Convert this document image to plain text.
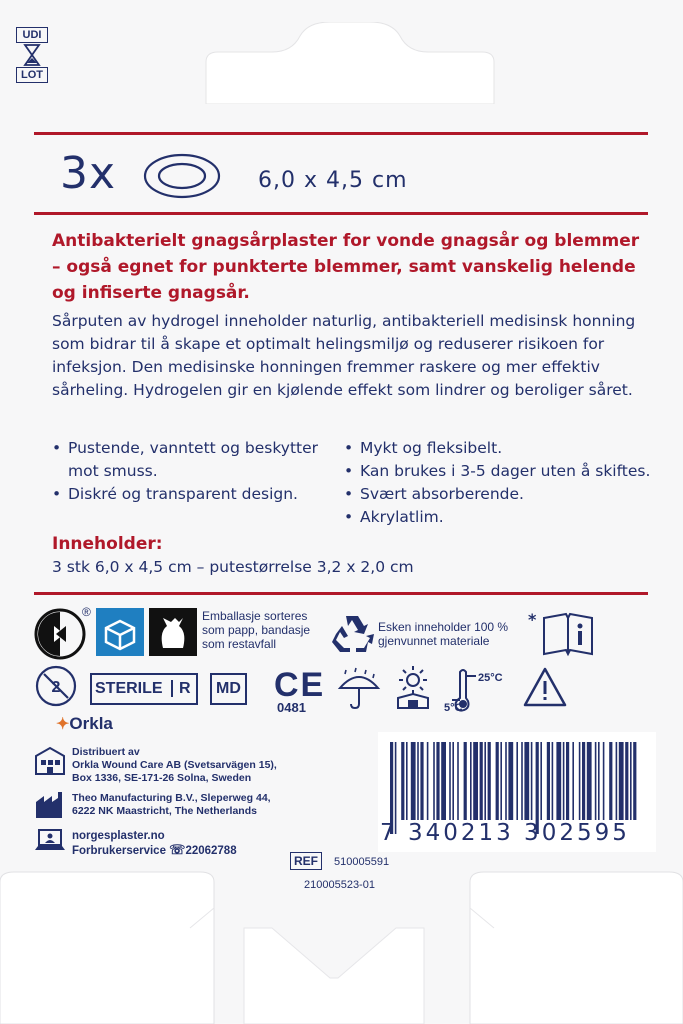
UDI
LOT
3x	6,0 x 4,5 cm
Antibakterielt gnagsårplaster for vonde gnagsår og blemmer – også egnet for punkterte blemmer, samt vanskelig helende og infiserte gnagsår.
Sårputen av hydrogel inneholder naturlig, antibakteriell medisinsk honning som bidrar til å skape et optimalt helingsmiljø og reduserer risikoen for infeksjon. Den medisinske honningen fremmer raskere og mer effektiv sårheling. Hydrogelen gir en kjølende effekt som lindrer og beroliger såret.
• Pustende, vanntett og beskytter mot smuss.
• Diskré og transparent design.
• Mykt og fleksibelt.
• Kan brukes i 3-5 dager uten å skiftes.
• Svært absorberende.
• Akrylatlim.
Inneholder:
3 stk 6,0 x 4,5 cm – putestørrelse 3,2 x 2,0 cm
®	Emballasje sorteres
som papp, bandasje
som restavfall
Esken inneholder 100 %
gjenvunnet materiale
*
2	STERILE R	MD CE
0481
25°C
5°C
✦Orkla
Distribuert av
Orkla Wound Care AB (Svetsarvägen 15),
Box 1336, SE-171-26 Solna, Sweden
Theo Manufacturing B.V., Sleperweg 44,
6222 NK Maastricht, The Netherlands
norgesplaster.no
Forbrukerservice ☏22062788
7 340213 302595
REF	510005591
210005523-01
